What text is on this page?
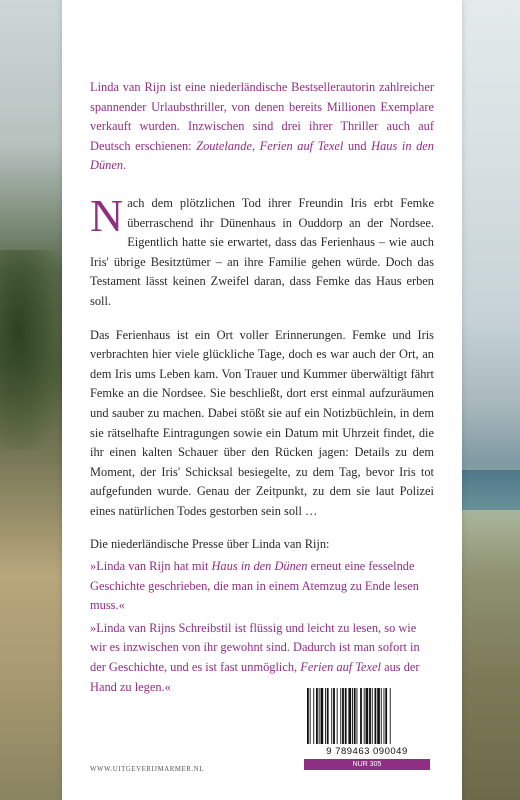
Linda van Rijn ist eine niederländische Bestsellerautorin zahlreicher spannender Urlaubsthriller, von denen bereits Millionen Exemplare verkauft wurden. Inzwischen sind drei ihrer Thriller auch auf Deutsch erschienen: Zoutelande, Ferien auf Texel und Haus in den Dünen.

Nach dem plötzlichen Tod ihrer Freundin Iris erbt Femke überraschend ihr Dünenhaus in Ouddorp an der Nordsee. Eigentlich hatte sie erwartet, dass das Ferienhaus – wie auch Iris' übrige Besitztümer – an ihre Familie gehen würde. Doch das Testament lässt keinen Zweifel daran, dass Femke das Haus erben soll.

Das Ferienhaus ist ein Ort voller Erinnerungen. Femke und Iris verbrachten hier viele glückliche Tage, doch es war auch der Ort, an dem Iris ums Leben kam. Von Trauer und Kummer überwältigt fährt Femke an die Nordsee. Sie beschließt, dort erst einmal aufzuräumen und sauber zu machen. Dabei stößt sie auf ein Notizbüchlein, in dem sie rätselhafte Eintragungen sowie ein Datum mit Uhrzeit findet, die ihr einen kalten Schauer über den Rücken jagen: Details zu dem Moment, der Iris' Schicksal besiegelte, zu dem Tag, bevor Iris tot aufgefunden wurde. Genau der Zeitpunkt, zu dem sie laut Polizei eines natürlichen Todes gestorben sein soll …

Die niederländische Presse über Linda van Rijn:

»Linda van Rijn hat mit Haus in den Dünen erneut eine fesselnde Geschichte geschrieben, die man in einem Atemzug zu Ende lesen muss.«

»Linda van Rijns Schreibstil ist flüssig und leicht zu lesen, so wie wir es inzwischen von ihr gewohnt sind. Dadurch ist man sofort in der Geschichte, und es ist fast unmöglich, Ferien auf Texel aus der Hand zu legen.«

WWW.UITGEVERIJMARMER.NL
9 789463 090049
NUR 305
